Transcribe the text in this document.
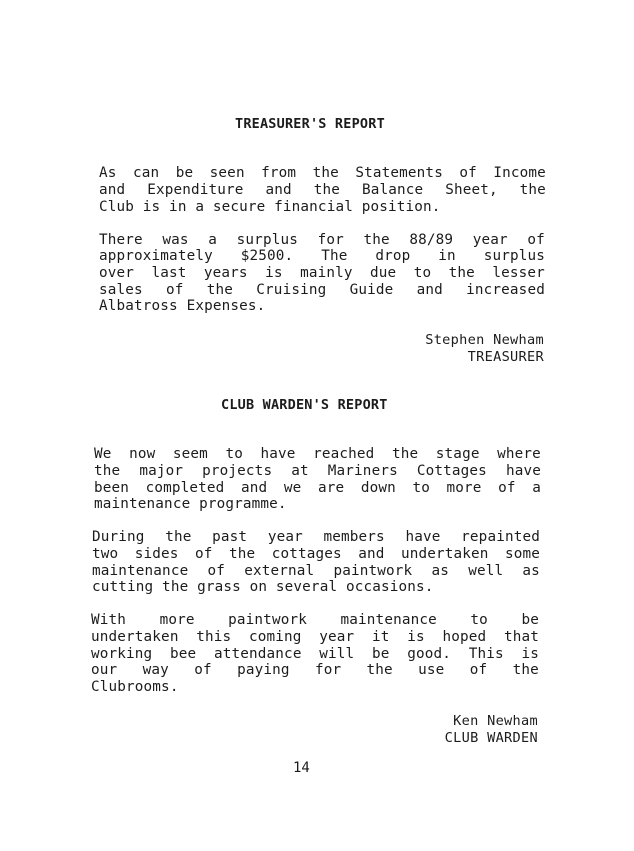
TREASURER'S REPORT
As can be seen from the Statements of Income
and Expenditure and the Balance Sheet, the
Club is in a secure financial position.
There was a surplus for the 88/89 year of
approximately $2500. The drop in surplus
over last years is mainly due to the lesser
sales of the Cruising Guide and increased
Albatross Expenses.
Stephen Newham
TREASURER
CLUB WARDEN'S REPORT
We now seem to have reached the stage where
the major projects at Mariners Cottages have
been completed and we are down to more of a
maintenance programme.
During the past year members have repainted
two sides of the cottages and undertaken some
maintenance of external paintwork as well as
cutting the grass on several occasions.
With more paintwork maintenance to be
undertaken this coming year it is hoped that
working bee attendance will be good. This is
our way of paying for the use of the
Clubrooms.
Ken Newham
CLUB WARDEN
14
